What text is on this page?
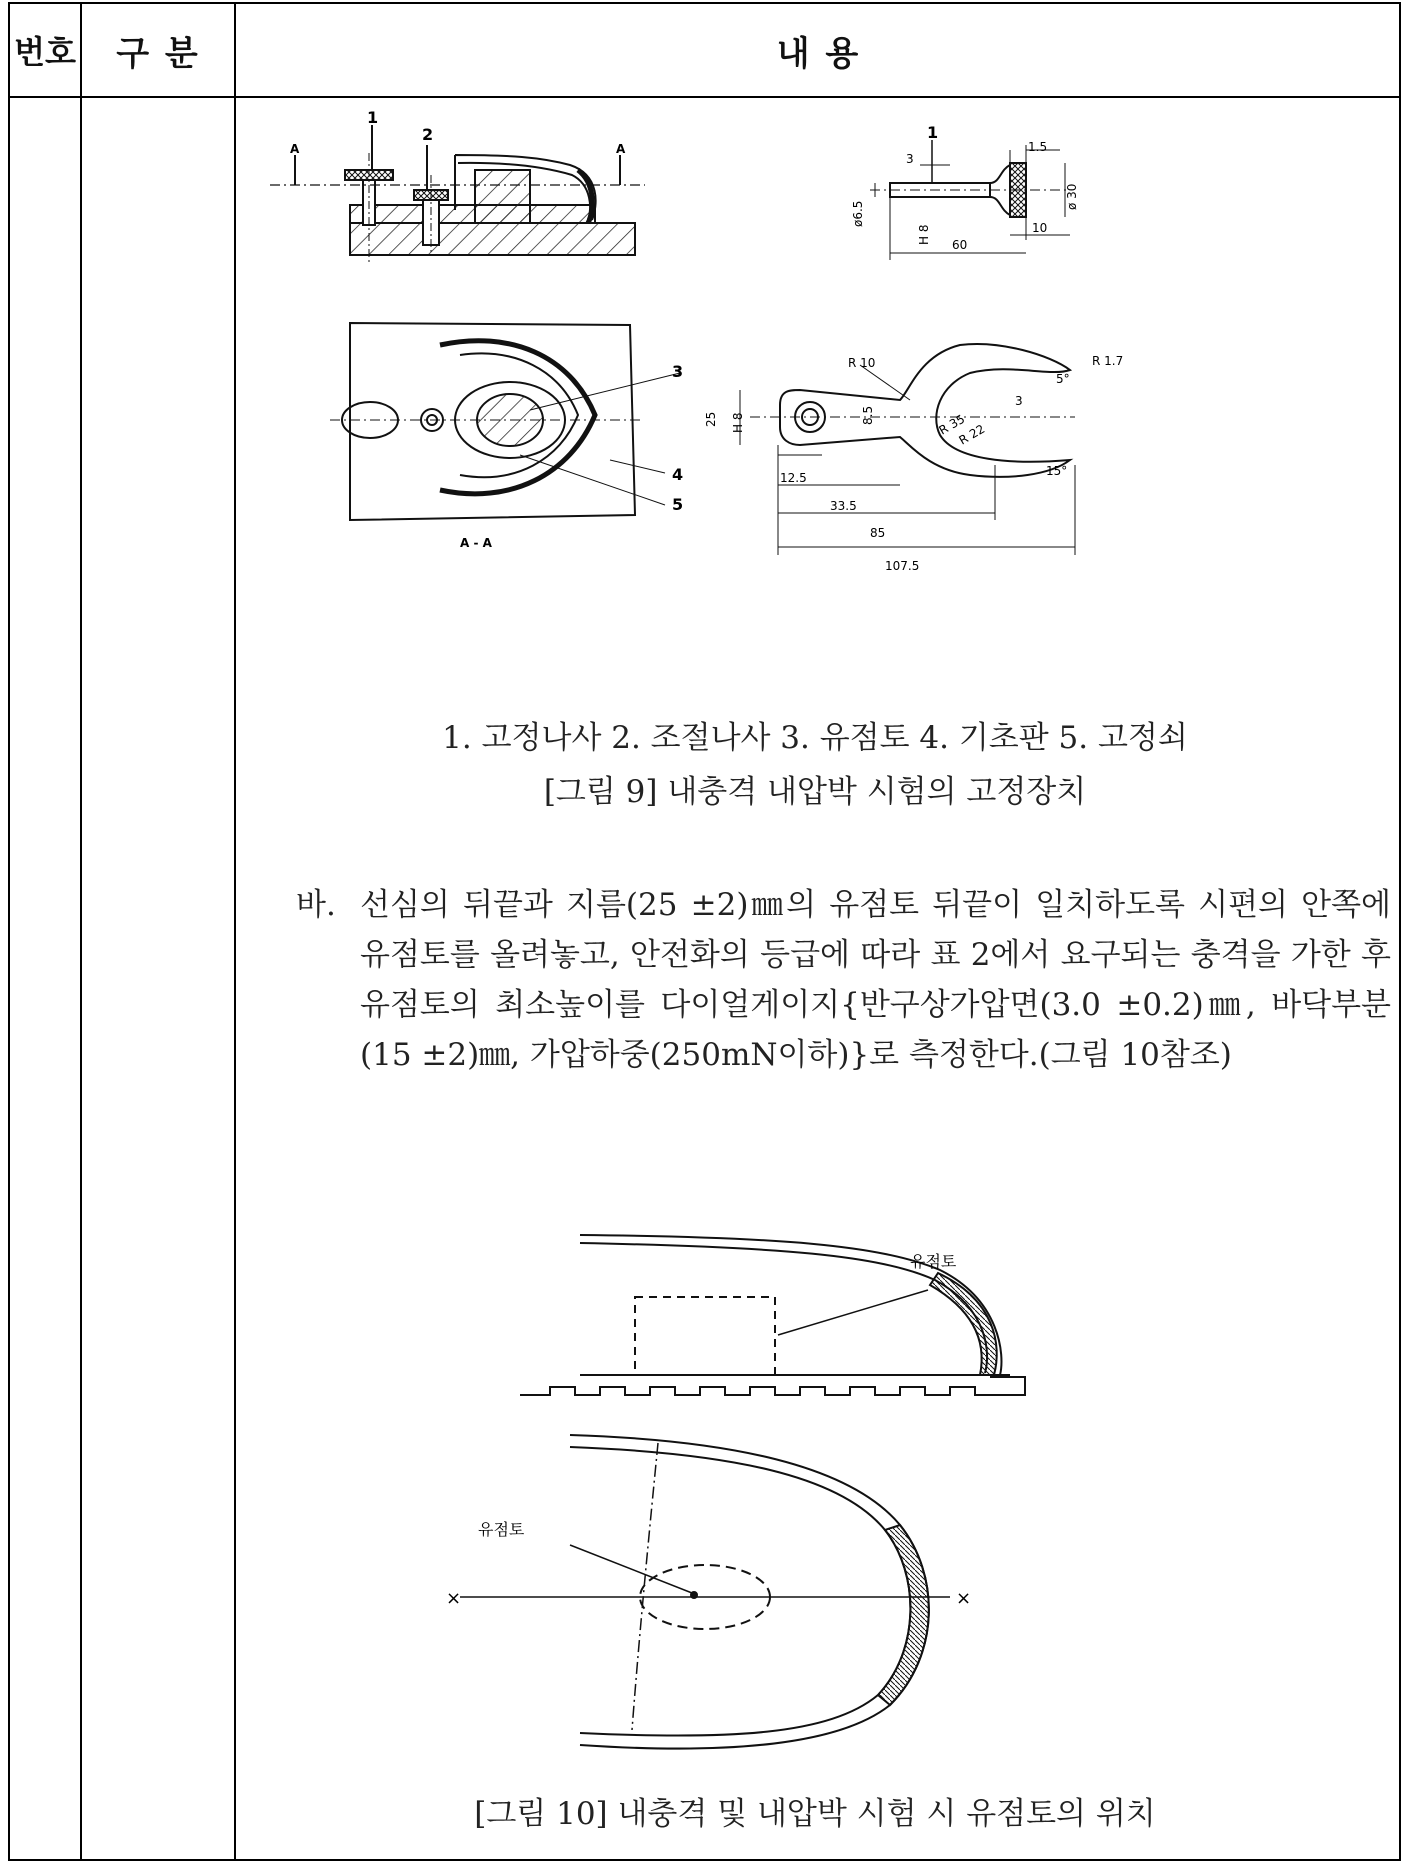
번호	구 분	내 용
A	A
1
2	1
1.5
3
ø6.5
ø 30
H 8 60
10
3
4
5
A - A
R 10	R 1.7
5°
25 H 8	8.5
3
R 35
R 22
12.5
33.5
85
107.5
15°
1. 고정나사 2. 조절나사 3. 유점토 4. 기초판 5. 고정쇠
[그림 9] 내충격 내압박 시험의 고정장치
바. 선심의 뒤끝과 지름(25 ±2)㎜의 유점토 뒤끝이 일치하도록 시편의 안쪽에 유점토를 올려놓고, 안전화의 등급에 따라 표 2에서 요구되는 충격을 가한 후 유점토의 최소높이를 다이얼게이지{반구상가압면(3.0 ±0.2)㎜, 바닥부분(15 ±2)㎜, 가압하중(250mN이하)}로 측정한다.(그림 10참조)
유점토
유점토
×	×
[그림 10] 내충격 및 내압박 시험 시 유점토의 위치
